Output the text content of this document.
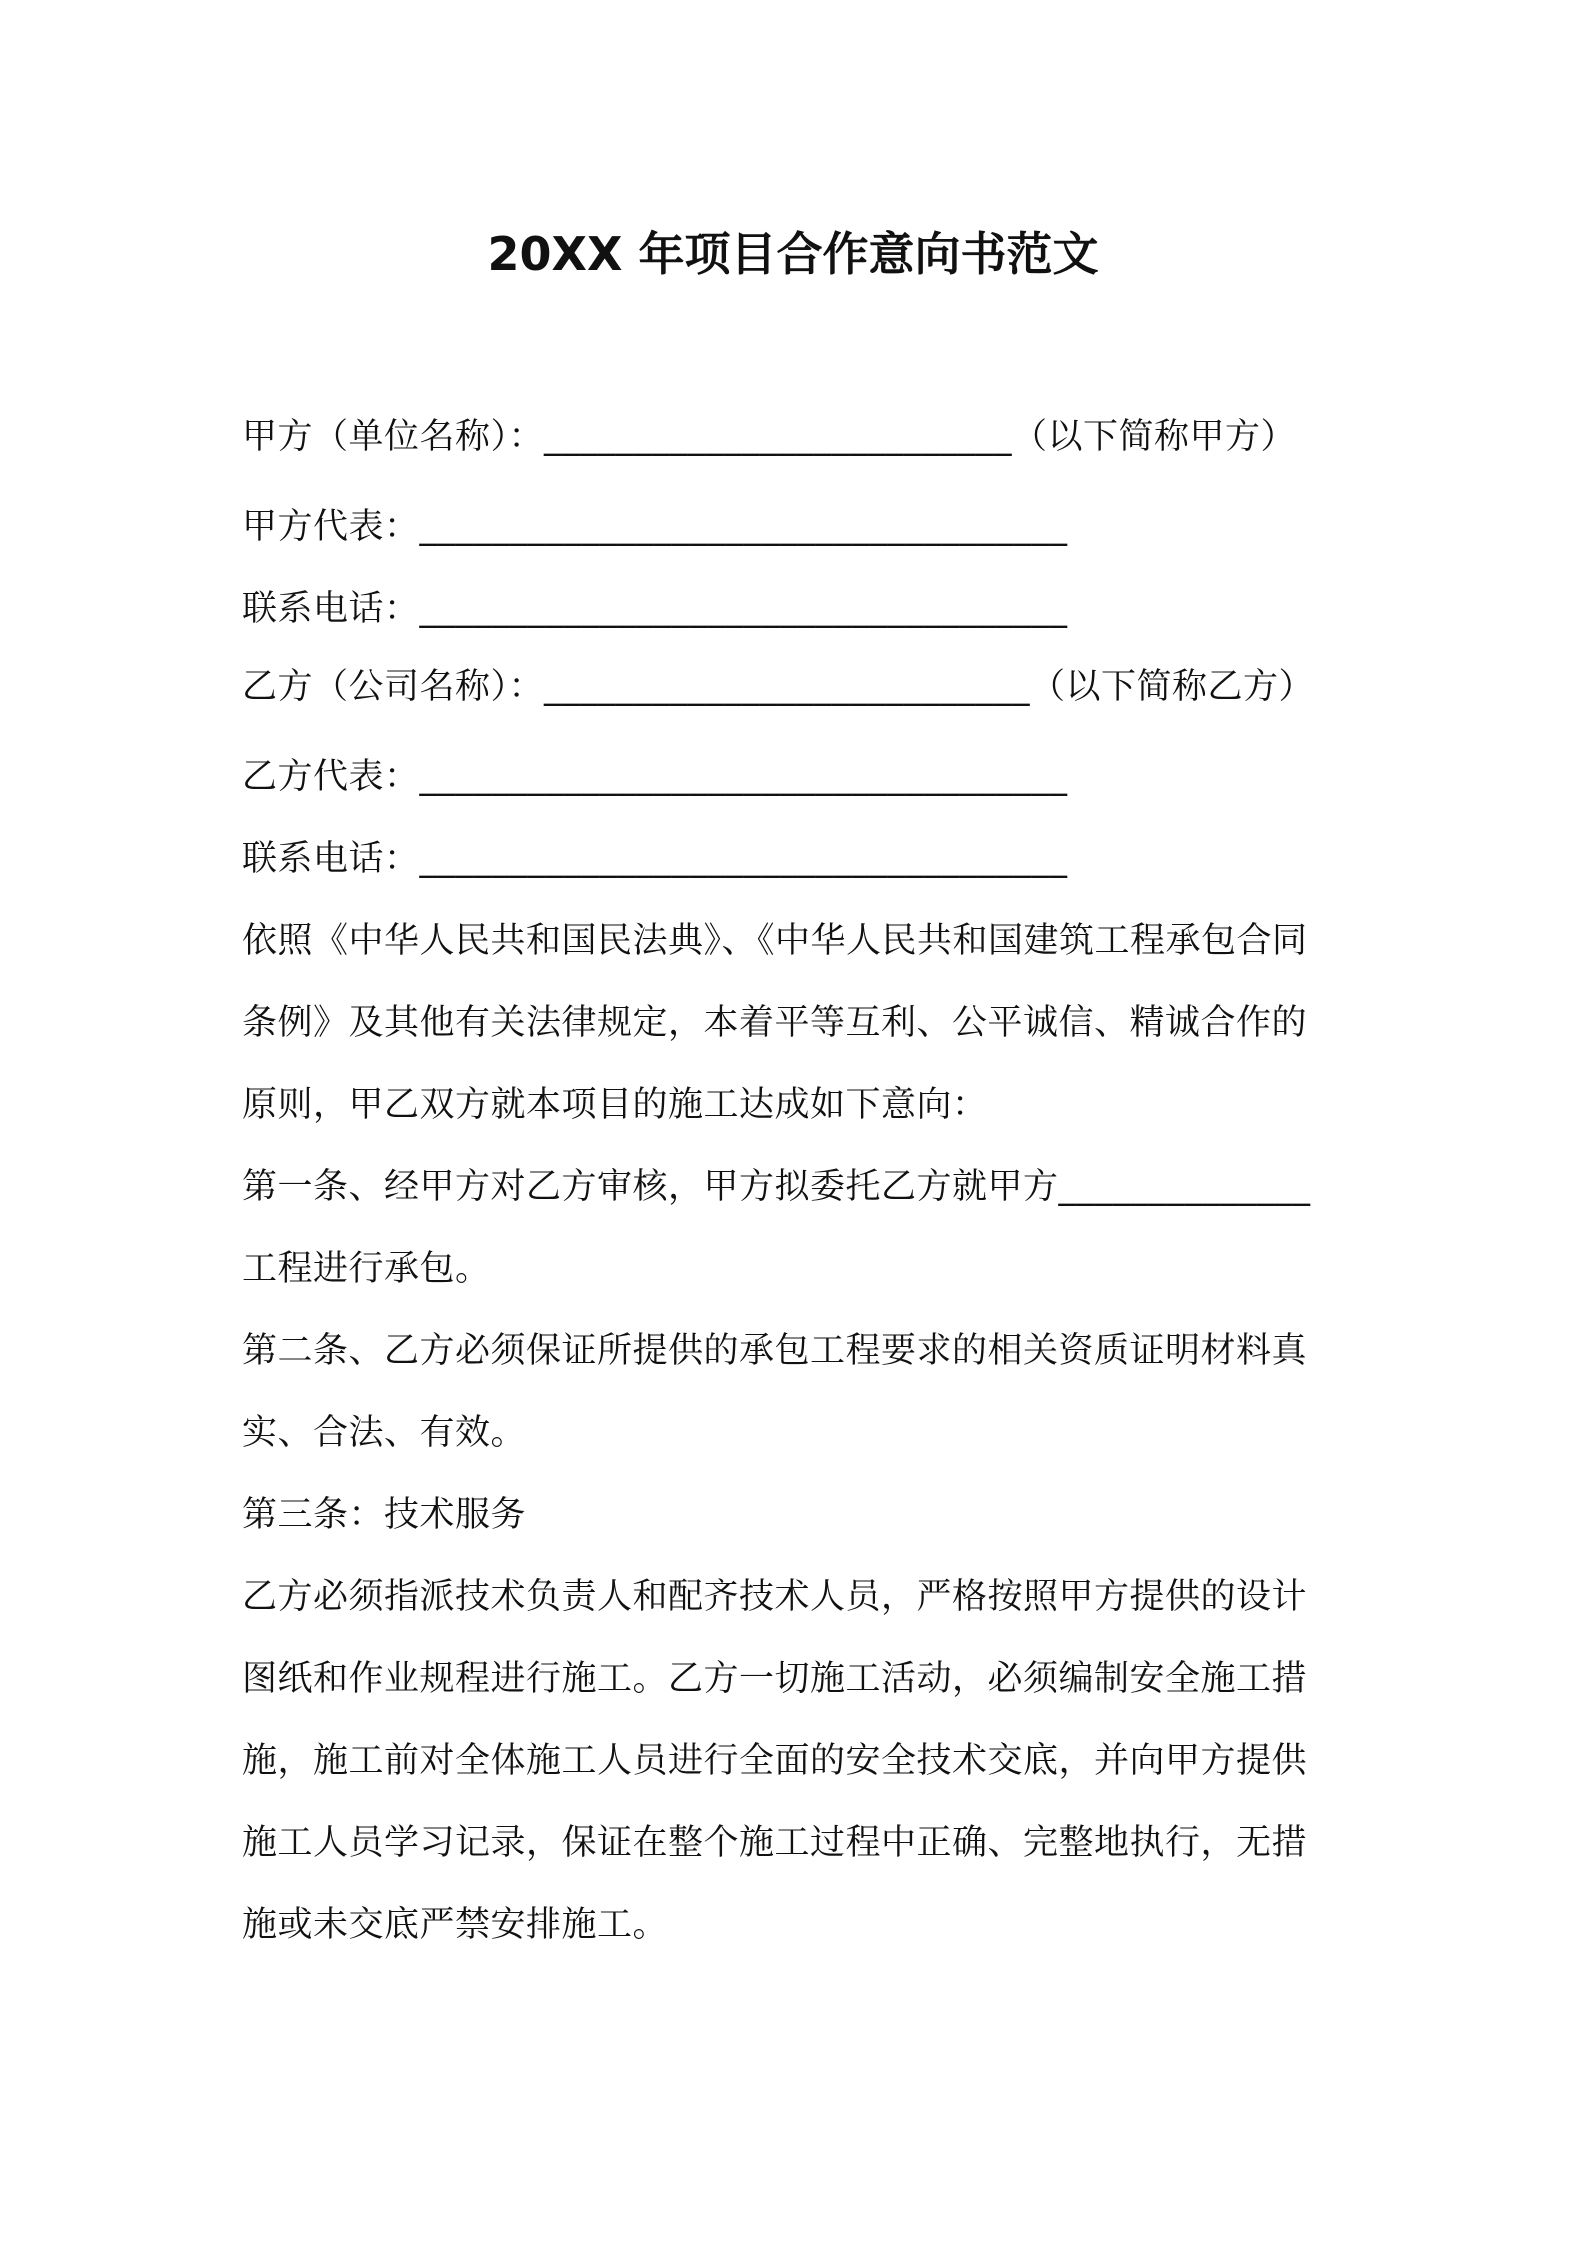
20XX 年项目合作意向书范文
甲方（单位名称）：__________________________（以下简称甲方）
甲方代表：____________________________________
联系电话：____________________________________
乙方（公司名称）：___________________________（以下简称乙方）
乙方代表：____________________________________
联系电话：____________________________________
依照《中华人民共和国民法典》、《中华人民共和国建筑工程承包合同
条例》及其他有关法律规定，本着平等互利、公平诚信、精诚合作的
原则，甲乙双方就本项目的施工达成如下意向：
第一条、经甲方对乙方审核，甲方拟委托乙方就甲方______________
工程进行承包。
第二条、乙方必须保证所提供的承包工程要求的相关资质证明材料真
实、合法、有效。
第三条：技术服务
乙方必须指派技术负责人和配齐技术人员，严格按照甲方提供的设计
图纸和作业规程进行施工。乙方一切施工活动，必须编制安全施工措
施，施工前对全体施工人员进行全面的安全技术交底，并向甲方提供
施工人员学习记录，保证在整个施工过程中正确、完整地执行，无措
施或未交底严禁安排施工。
